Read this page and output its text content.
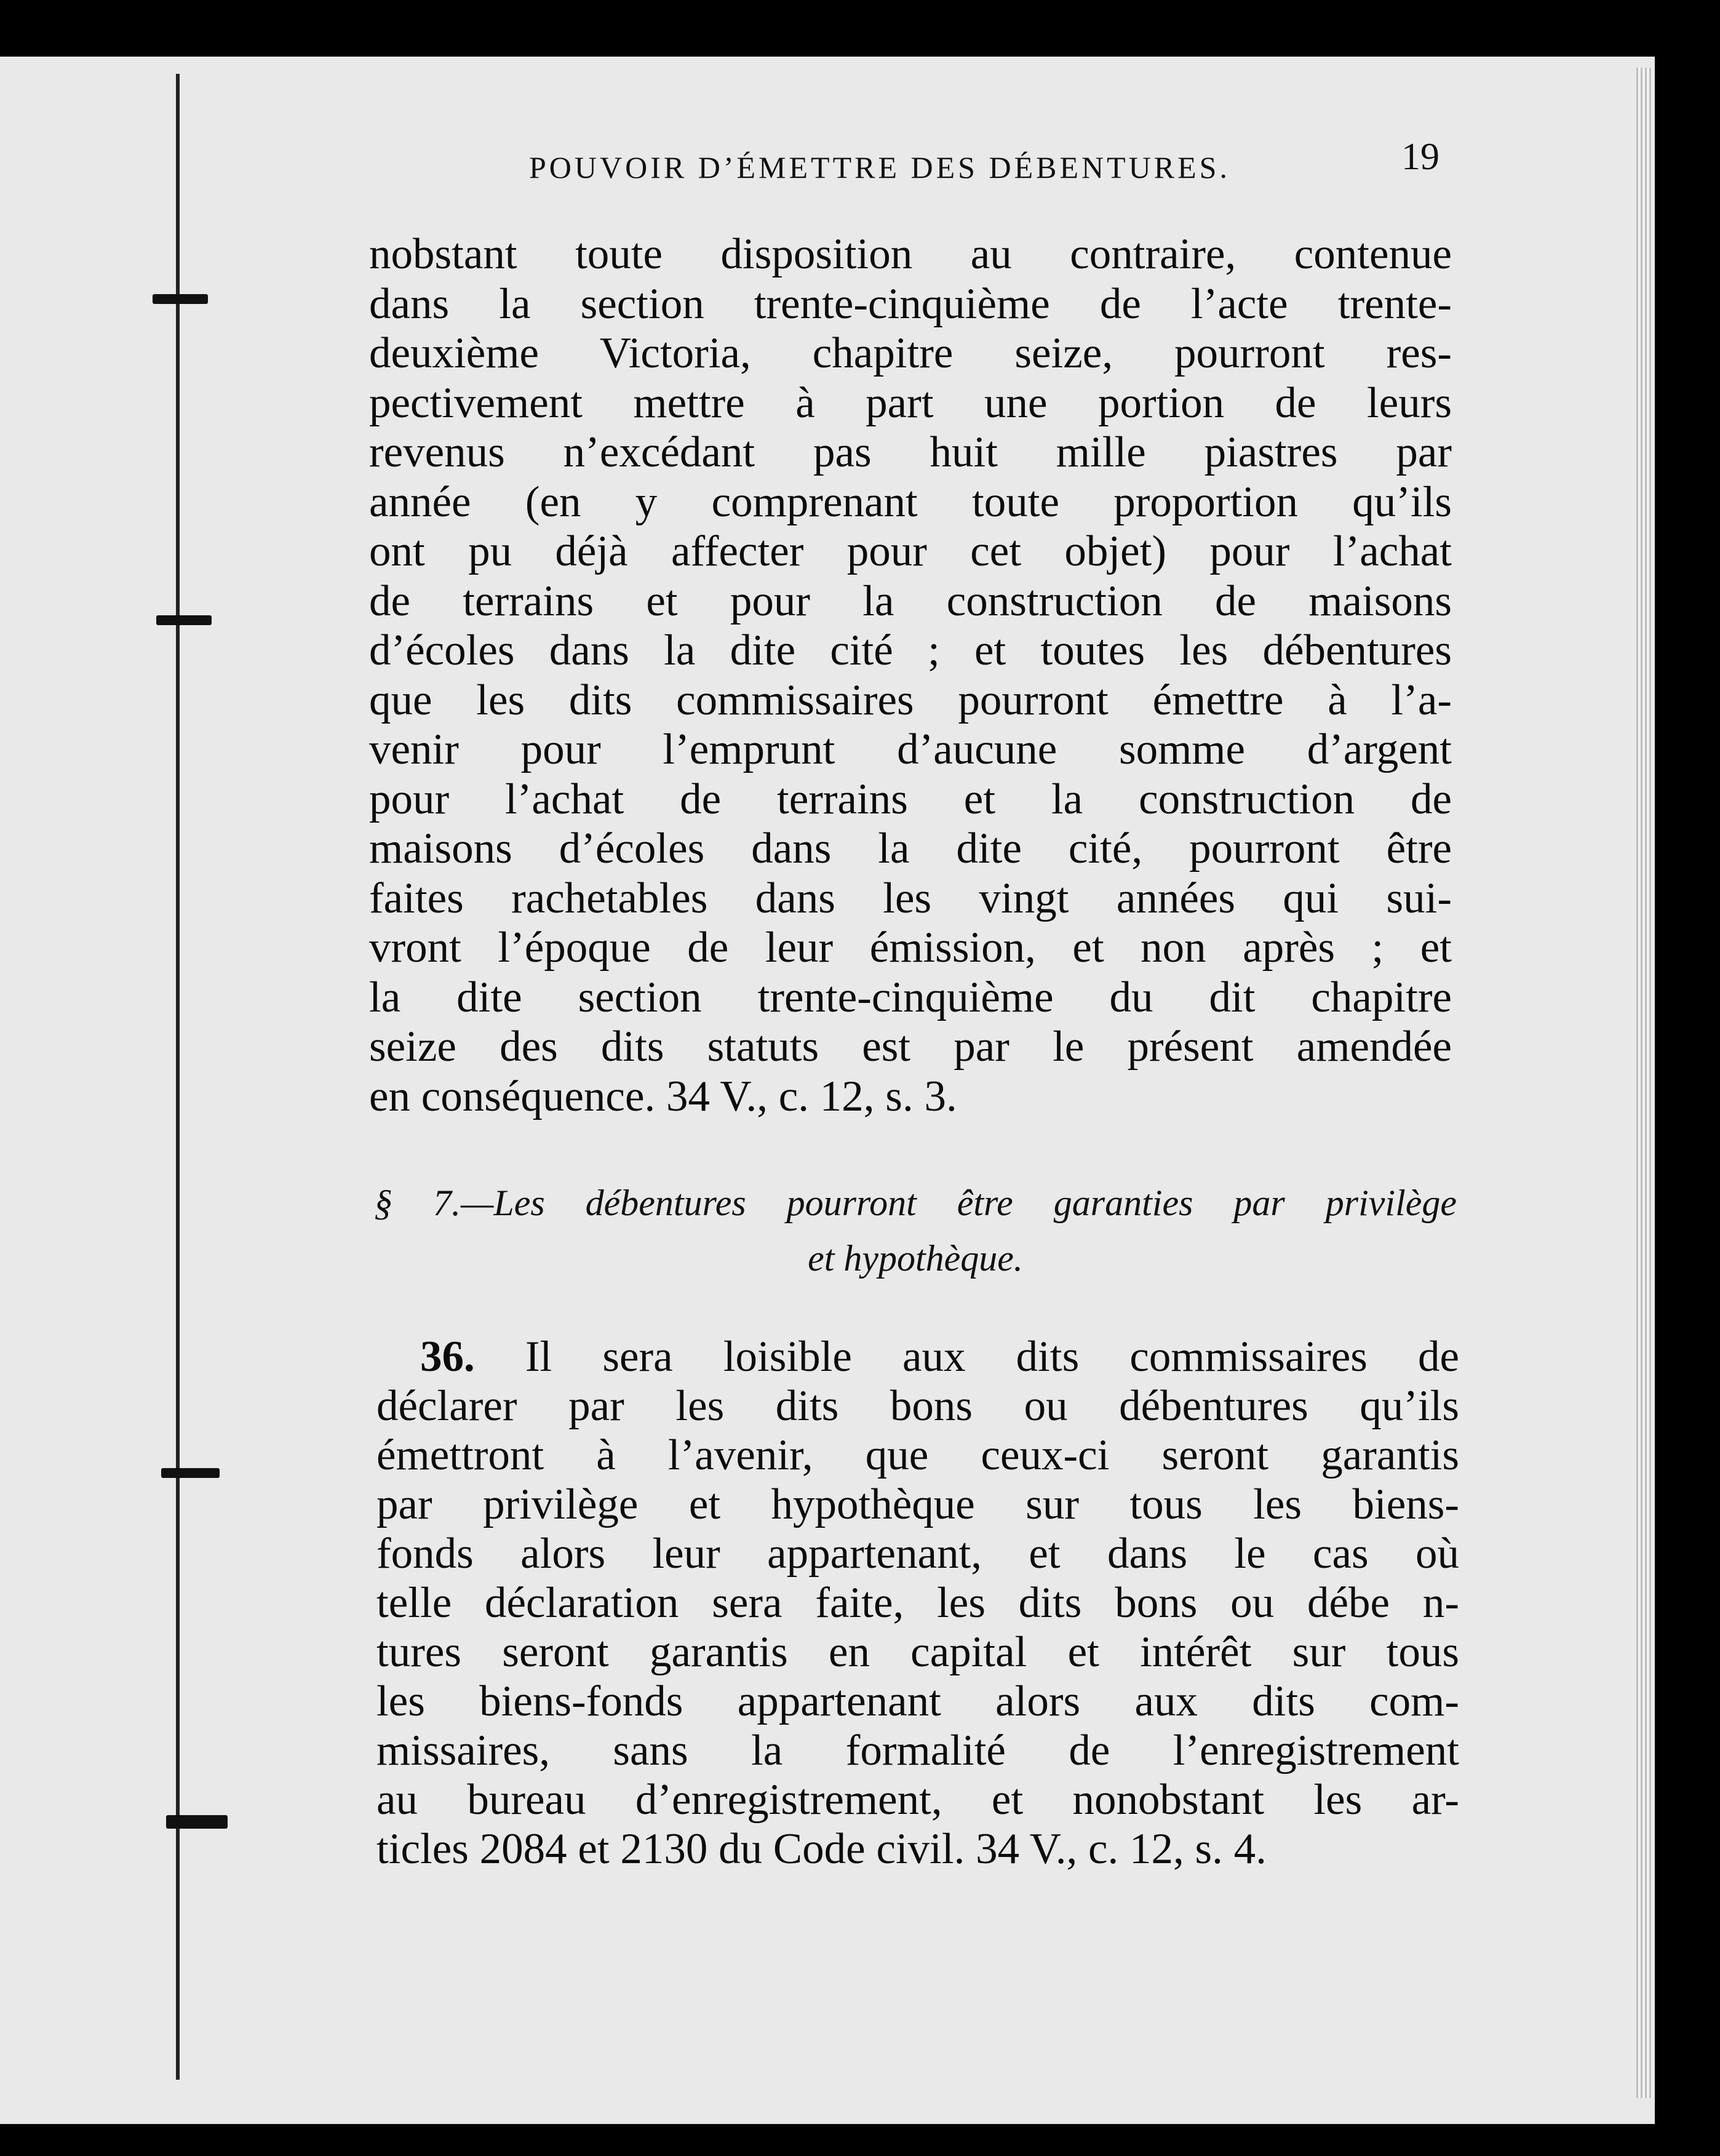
POUVOIR D’ÉMETTRE DES DÉBENTURES.	19
nobstant toute disposition au contraire, contenue
dans la section trente-cinquième de l’acte trente-
deuxième Victoria, chapitre seize, pourront res-
pectivement mettre à part une portion de leurs
revenus n’excédant pas huit mille piastres par
année (en y comprenant toute proportion qu’ils
ont pu déjà affecter pour cet objet) pour l’achat
de terrains et pour la construction de maisons
d’écoles dans la dite cité ; et toutes les débentures
que les dits commissaires pourront émettre à l’a-
venir pour l’emprunt d’aucune somme d’argent
pour l’achat de terrains et la construction de
maisons d’écoles dans la dite cité, pourront être
faites rachetables dans les vingt années qui sui-
vront l’époque de leur émission, et non après ; et
la dite section trente-cinquième du dit chapitre
seize des dits statuts est par le présent amendée
en conséquence. 34 V., c. 12, s. 3.
§ 7.—Les débentures pourront être garanties par privilège
et hypothèque.
 36. Il sera loisible aux dits commissaires de
déclarer par les dits bons ou débentures qu’ils
émettront à l’avenir, que ceux-ci seront garantis
par privilège et hypothèque sur tous les biens-
fonds alors leur appartenant, et dans le cas où
telle déclaration sera faite, les dits bons ou débe n-
tures seront garantis en capital et intérêt sur tous
les biens-fonds appartenant alors aux dits com-
missaires, sans la formalité de l’enregistrement
au bureau d’enregistrement, et nonobstant les ar-
ticles 2084 et 2130 du Code civil. 34 V., c. 12, s. 4.
